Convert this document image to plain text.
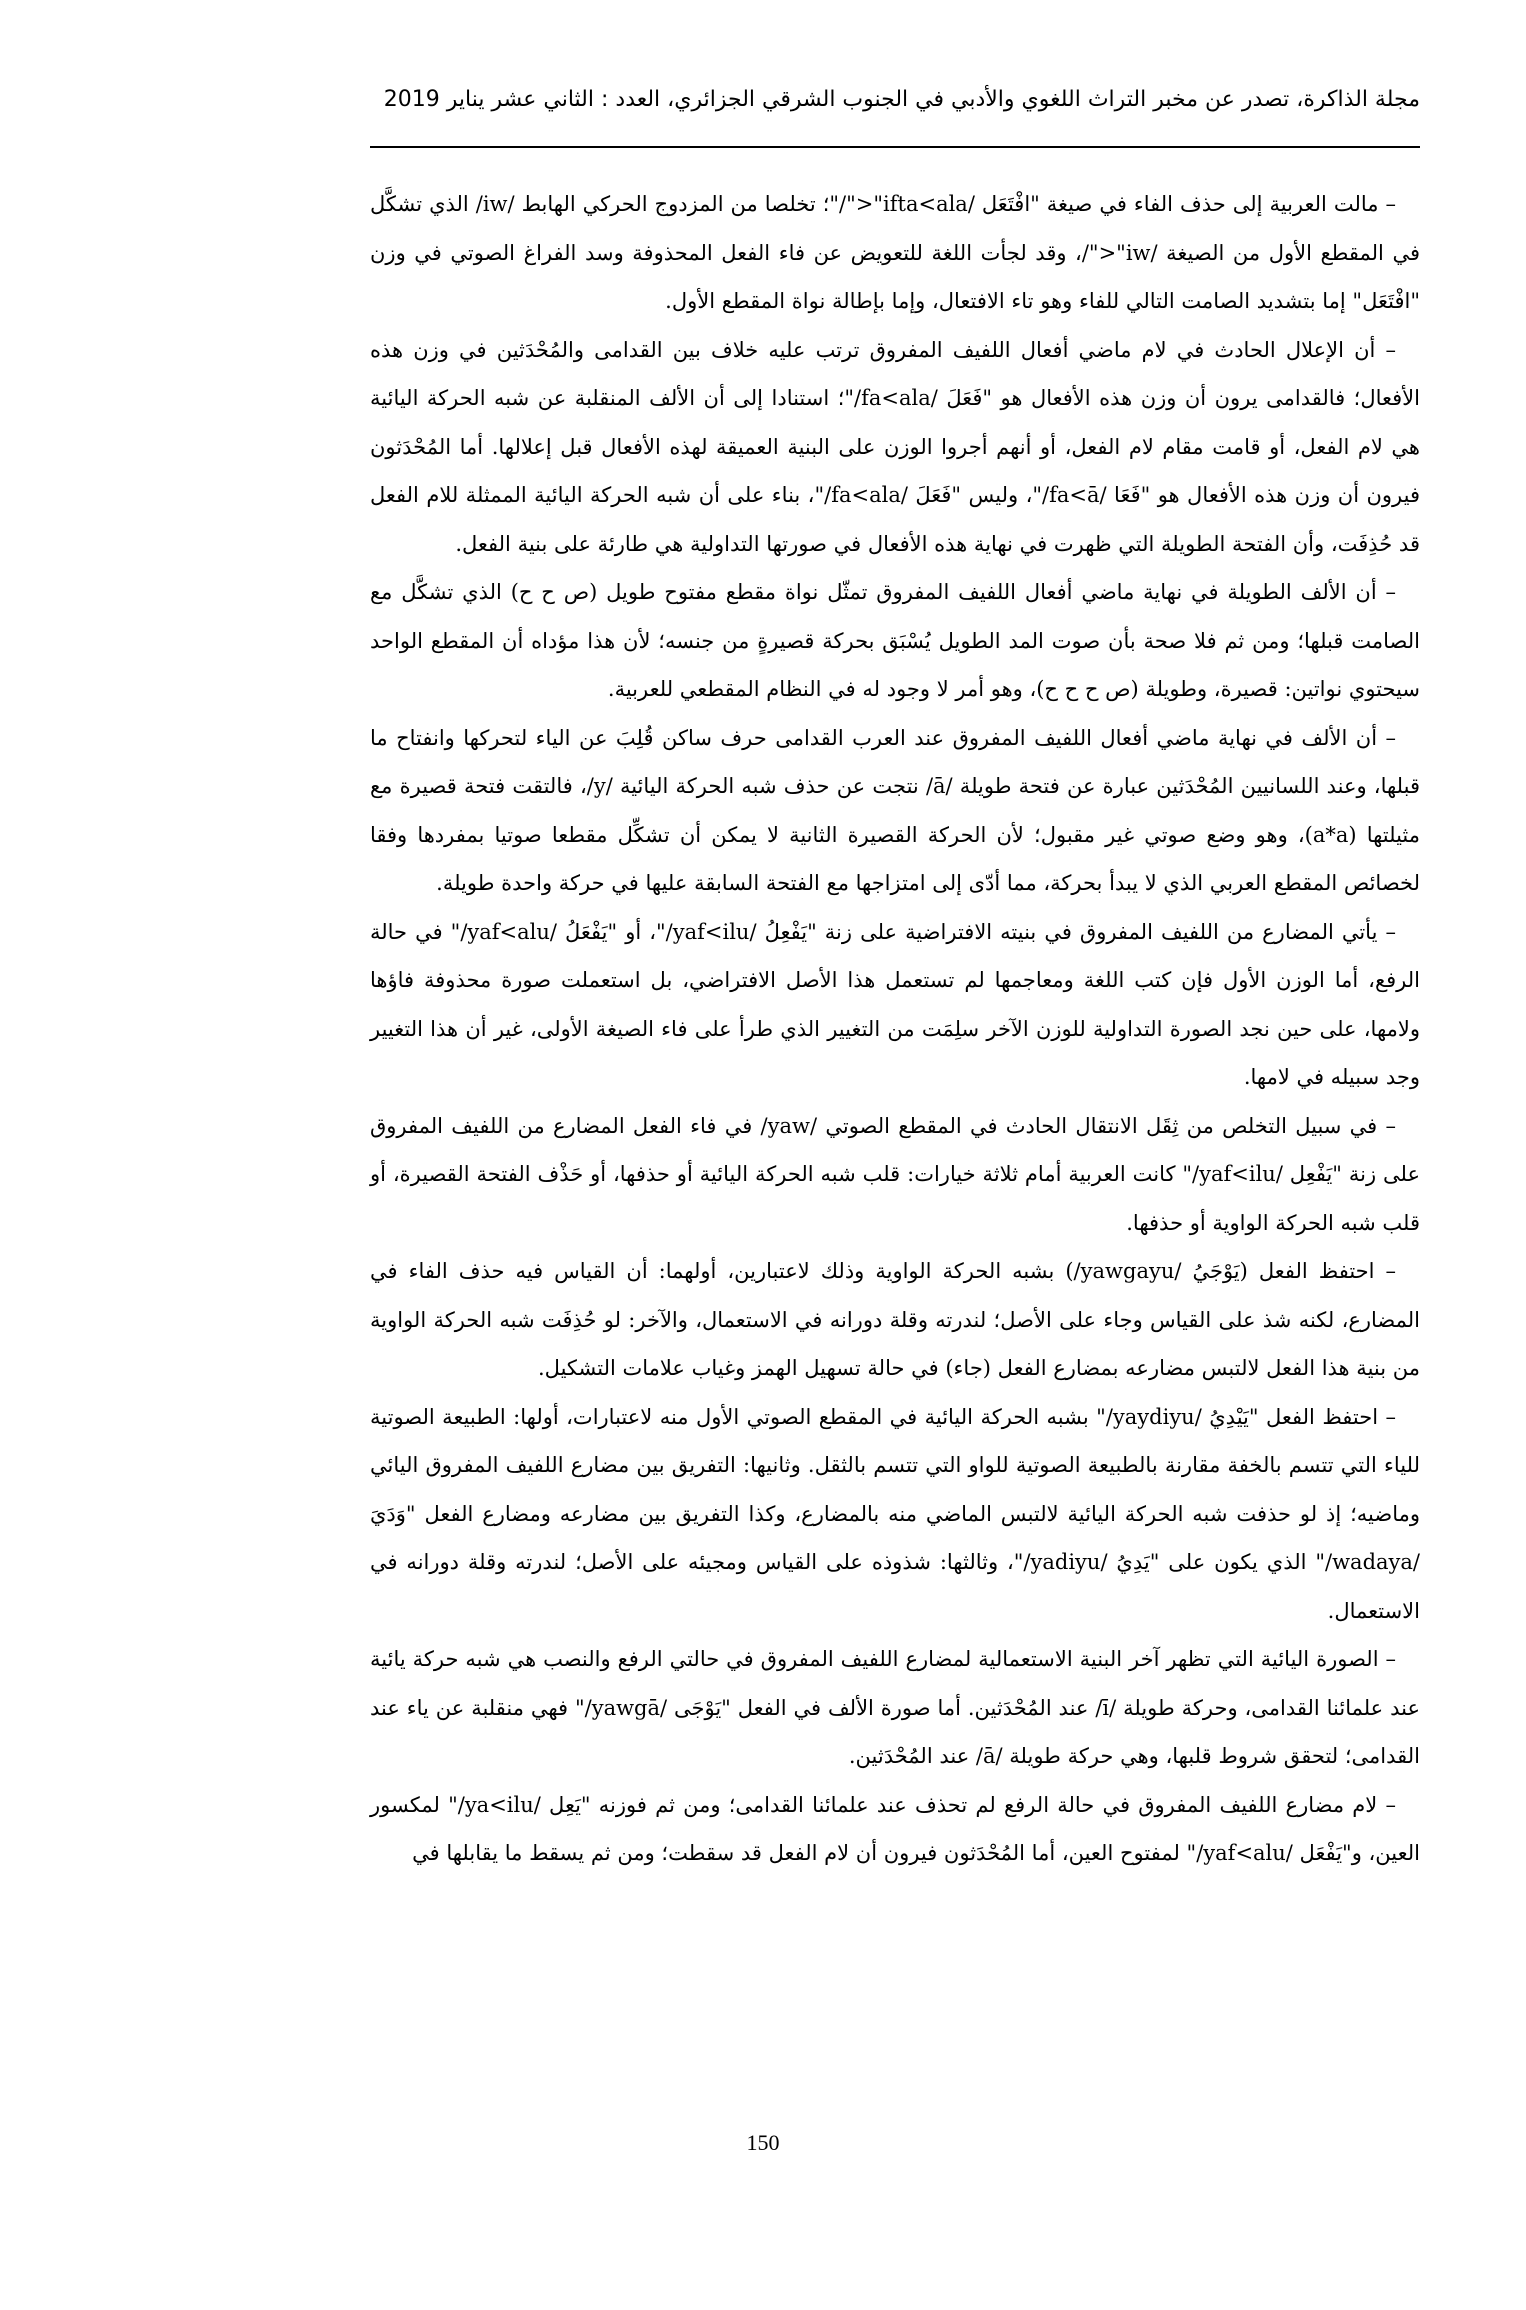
مجلة الذاكرة، تصدر عن مخبر التراث اللغوي والأدبي في الجنوب الشرقي الجزائري، العدد : الثاني عشر يناير 2019

– مالت العربية إلى حذف الفاء في صيغة "افْتَعَل /ifta<ala"<"/"؛ تخلصا من المزدوج الحركي الهابط /iw/ الذي تشكَّل في المقطع الأول من الصيغة /iw"<"/، وقد لجأت اللغة للتعويض عن فاء الفعل المحذوفة وسد الفراغ الصوتي في وزن "افْتَعَل" إما بتشديد الصامت التالي للفاء وهو تاء الافتعال، وإما بإطالة نواة المقطع الأول.

– أن الإعلال الحادث في لام ماضي أفعال اللفيف المفروق ترتب عليه خلاف بين القدامى والمُحْدَثين في وزن هذه الأفعال؛ فالقدامى يرون أن وزن هذه الأفعال هو "فَعَلَ /fa<ala/"؛ استنادا إلى أن الألف المنقلبة عن شبه الحركة اليائية هي لام الفعل، أو قامت مقام لام الفعل، أو أنهم أجروا الوزن على البنية العميقة لهذه الأفعال قبل إعلالها. أما المُحْدَثون فيرون أن وزن هذه الأفعال هو "فَعَا /fa<ā/"، وليس "فَعَلَ /fa<ala/"، بناء على أن شبه الحركة اليائية الممثلة للام الفعل قد حُذِفَت، وأن الفتحة الطويلة التي ظهرت في نهاية هذه الأفعال في صورتها التداولية هي طارئة على بنية الفعل.

– أن الألف الطويلة في نهاية ماضي أفعال اللفيف المفروق تمثّل نواة مقطع مفتوح طويل (ص ح ح) الذي تشكَّل مع الصامت قبلها؛ ومن ثم فلا صحة بأن صوت المد الطويل يُسْبَق بحركة قصيرةٍ من جنسه؛ لأن هذا مؤداه أن المقطع الواحد سيحتوي نواتين: قصيرة، وطويلة (ص ح ح ح)، وهو أمر لا وجود له في النظام المقطعي للعربية.

– أن الألف في نهاية ماضي أفعال اللفيف المفروق عند العرب القدامى حرف ساكن قُلِبَ عن الياء لتحركها وانفتاح ما قبلها، وعند اللسانيين المُحْدَثين عبارة عن فتحة طويلة /ā/ نتجت عن حذف شبه الحركة اليائية /y/، فالتقت فتحة قصيرة مع مثيلتها (a*a)، وهو وضع صوتي غير مقبول؛ لأن الحركة القصيرة الثانية لا يمكن أن تشكِّل مقطعا صوتيا بمفردها وفقا لخصائص المقطع العربي الذي لا يبدأ بحركة، مما أدّى إلى امتزاجها مع الفتحة السابقة عليها في حركة واحدة طويلة.

– يأتي المضارع من اللفيف المفروق في بنيته الافتراضية على زنة "يَفْعِلُ /yaf<ilu/"، أو "يَفْعَلُ /yaf<alu/" في حالة الرفع، أما الوزن الأول فإن كتب اللغة ومعاجمها لم تستعمل هذا الأصل الافتراضي، بل استعملت صورة محذوفة فاؤها ولامها، على حين نجد الصورة التداولية للوزن الآخر سلِمَت من التغيير الذي طرأ على فاء الصيغة الأولى، غير أن هذا التغيير وجد سبيله في لامها.

– في سبيل التخلص من ثِقَل الانتقال الحادث في المقطع الصوتي /yaw/ في فاء الفعل المضارع من اللفيف المفروق على زنة "يَفْعِل /yaf<ilu/" كانت العربية أمام ثلاثة خيارات: قلب شبه الحركة اليائية أو حذفها، أو حَذْف الفتحة القصيرة، أو قلب شبه الحركة الواوية أو حذفها.

– احتفظ الفعل (يَوْجَيُ /yawgayu/) بشبه الحركة الواوية وذلك لاعتبارين، أولهما: أن القياس فيه حذف الفاء في المضارع، لكنه شذ على القياس وجاء على الأصل؛ لندرته وقلة دورانه في الاستعمال، والآخر: لو حُذِفَت شبه الحركة الواوية من بنية هذا الفعل لالتبس مضارعه بمضارع الفعل (جاء) في حالة تسهيل الهمز وغياب علامات التشكيل.

– احتفظ الفعل "يَيْدِيُ /yaydiyu/" بشبه الحركة اليائية في المقطع الصوتي الأول منه لاعتبارات، أولها: الطبيعة الصوتية للياء التي تتسم بالخفة مقارنة بالطبيعة الصوتية للواو التي تتسم بالثقل. وثانيها: التفريق بين مضارع اللفيف المفروق اليائي وماضيه؛ إذ لو حذفت شبه الحركة اليائية لالتبس الماضي منه بالمضارع، وكذا التفريق بين مضارعه ومضارع الفعل "وَدَيَ /wadaya/" الذي يكون على "يَدِيُ /yadiyu/"، وثالثها: شذوذه على القياس ومجيئه على الأصل؛ لندرته وقلة دورانه في الاستعمال.

– الصورة اليائية التي تظهر آخر البنية الاستعمالية لمضارع اللفيف المفروق في حالتي الرفع والنصب هي شبه حركة يائية عند علمائنا القدامى، وحركة طويلة /ī/ عند المُحْدَثين. أما صورة الألف في الفعل "يَوْجَى /yawgā/" فهي منقلبة عن ياء عند القدامى؛ لتحقق شروط قلبها، وهي حركة طويلة /ā/ عند المُحْدَثين.

– لام مضارع اللفيف المفروق في حالة الرفع لم تحذف عند علمائنا القدامى؛ ومن ثم فوزنه "يَعِل /ya<ilu/" لمكسور العين، و"يَفْعَل /yaf<alu/" لمفتوح العين، أما المُحْدَثون فيرون أن لام الفعل قد سقطت؛ ومن ثم يسقط ما يقابلها في

150
